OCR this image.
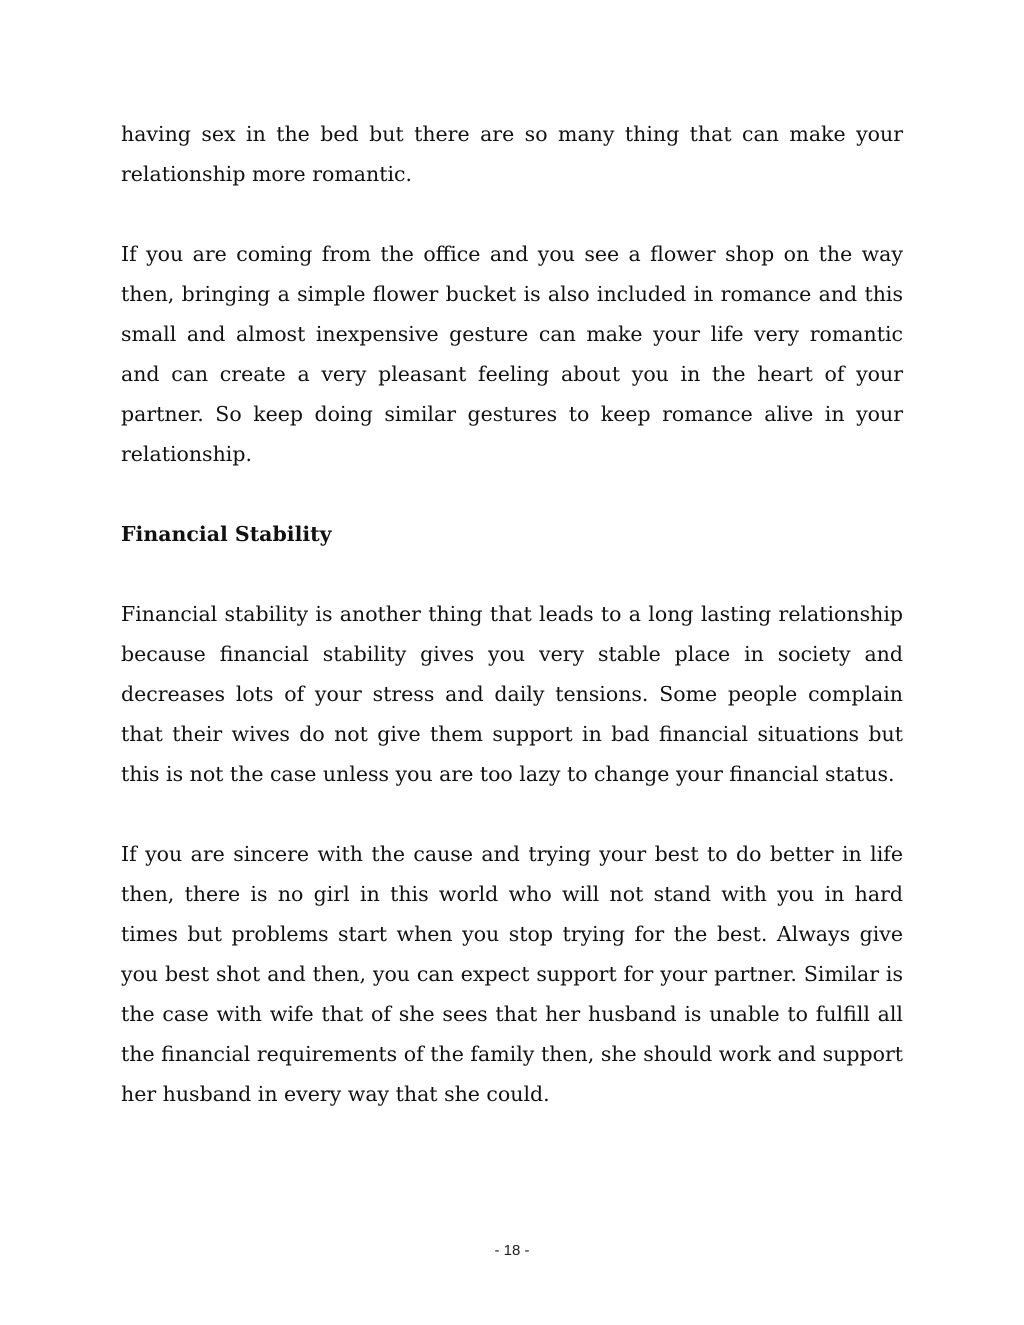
having sex in the bed but there are so many thing that can make your relationship more romantic.

If you are coming from the office and you see a flower shop on the way then, bringing a simple flower bucket is also included in romance and this small and almost inexpensive gesture can make your life very romantic and can create a very pleasant feeling about you in the heart of your partner. So keep doing similar gestures to keep romance alive in your relationship.

Financial Stability

Financial stability is another thing that leads to a long lasting relationship because financial stability gives you very stable place in society and decreases lots of your stress and daily tensions. Some people complain that their wives do not give them support in bad financial situations but this is not the case unless you are too lazy to change your financial status.

If you are sincere with the cause and trying your best to do better in life then, there is no girl in this world who will not stand with you in hard times but problems start when you stop trying for the best. Always give you best shot and then, you can expect support for your partner. Similar is the case with wife that of she sees that her husband is unable to fulfill all the financial requirements of the family then, she should work and support her husband in every way that she could.

- 18 -
